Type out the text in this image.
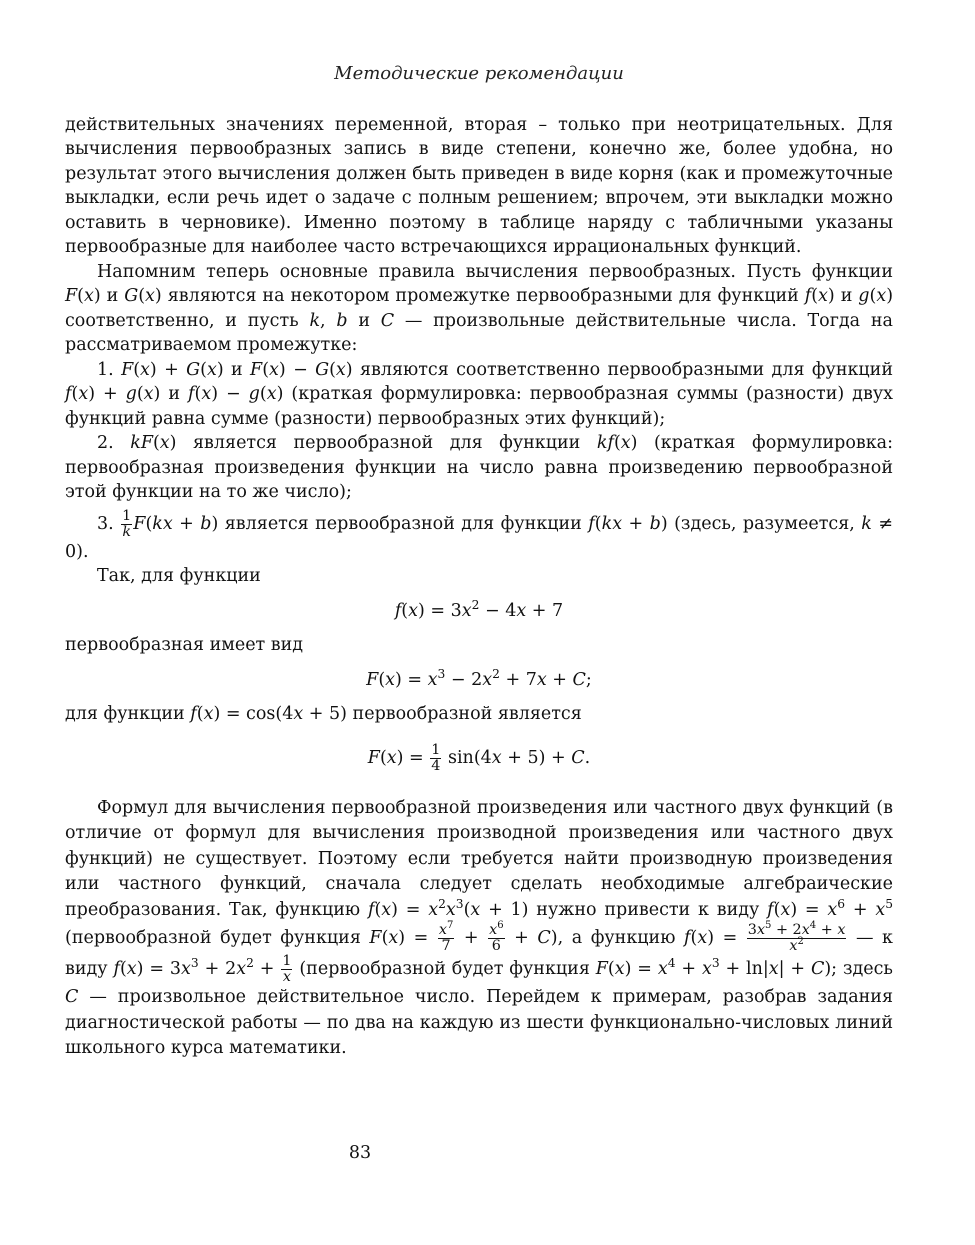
Методические рекомендации

действительных значениях переменной, вторая – только при неотрицательных. Для вычисления первообразных запись в виде степени, конечно же, более удобна, но результат этого вычисления должен быть приведен в виде корня (как и промежуточные выкладки, если речь идет о задаче с полным решением; впрочем, эти выкладки можно оставить в черновике). Именно поэтому в таблице наряду с табличными указаны первообразные для наиболее часто встречающихся иррациональных функций.

Напомним теперь основные правила вычисления первообразных. Пусть функции F(x) и G(x) являются на некотором промежутке первообразными для функций f(x) и g(x) соответственно, и пусть k, b и C — произвольные действительные числа. Тогда на рассматриваемом промежутке:

1. F(x) + G(x) и F(x) − G(x) являются соответственно первообразными для функций f(x) + g(x) и f(x) − g(x) (краткая формулировка: первообразная суммы (разности) двух функций равна сумме (разности) первообразных этих функций);

2. kF(x) является первообразной для функции kf(x) (краткая формулировка: первообразная произведения функции на число равна произведению первообразной этой функции на то же число);

3. $\frac{1}{k} F(kx + b)$ является первообразной для функции f(kx + b) (здесь, разумеется, k ≠ 0).

Так, для функции

$f(x) = 3x^2 - 4x + 7$

первообразная имеет вид

$F(x) = x^3 - 2x^2 + 7x + C$;

для функции f(x) = cos(4x + 5) первообразной является

$F(x) = \frac{1}{4} \sin(4x + 5) + C$.

Формул для вычисления первообразной произведения или частного двух функций (в отличие от формул для вычисления производной произведения или частного двух функций) не существует. Поэтому если требуется найти производную произведения или частного функций, сначала следует сделать необходимые алгебраические преобразования. Так, функцию $f(x) = x^2x^3(x + 1)$ нужно привести к виду $f(x) = x^6 + x^5$ (первообразной будет функция $F(x) = \frac{x^7}{7} + \frac{x^6}{6} + C$), а функцию $f(x) = \frac{3x^5 + 2x^4 + x}{x^2}$ — к виду $f(x) = 3x^3 + 2x^2 + \frac{1}{x}$ (первообразной будет функция $F(x) = x^4 + x^3 + \ln|x| + C$); здесь C — произвольное действительное число. Перейдем к примерам, разобрав задания диагностической работы — по два на каждую из шести функционально-числовых линий школьного курса математики.

83
